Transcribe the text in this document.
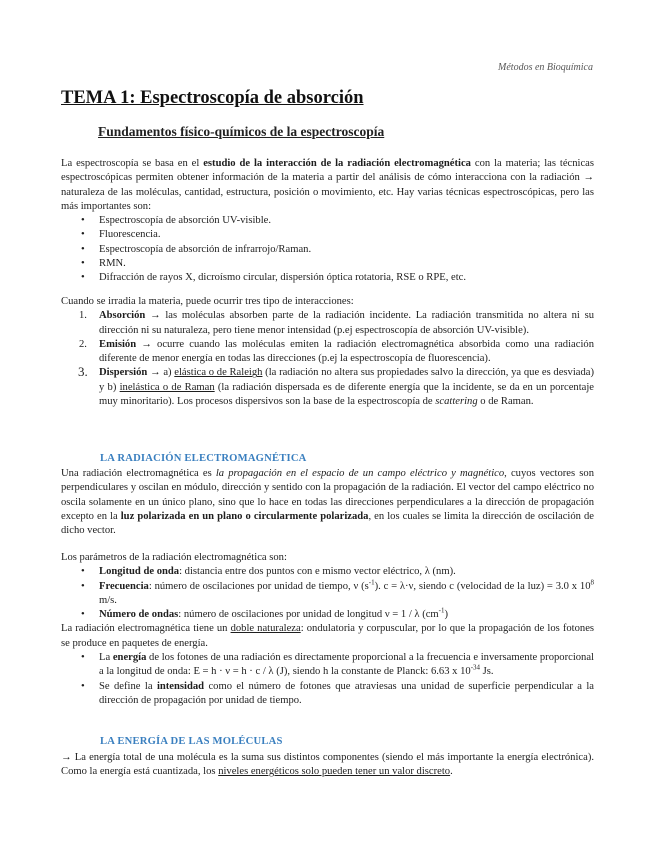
Métodos en Bioquímica
TEMA 1: Espectroscopía de absorción
Fundamentos físico-químicos de la espectroscopía

La espectroscopía se basa en el estudio de la interacción de la radiación electromagnética con la materia; las técnicas espectroscópicas permiten obtener información de la materia a partir del análisis de cómo interacciona con la radiación → naturaleza de las moléculas, cantidad, estructura, posición o movimiento, etc. Hay varias técnicas espectroscópicas, pero las más importantes son:

• Espectroscopía de absorción UV-visible.
• Fluorescencia.
• Espectroscopía de absorción de infrarrojo/Raman.
• RMN.
• Difracción de rayos X, dicroísmo circular, dispersión óptica rotatoria, RSE o RPE, etc.

Cuando se irradia la materia, puede ocurrir tres tipo de interacciones:

1. Absorción → las moléculas absorben parte de la radiación incidente. La radiación transmitida no altera ni su dirección ni su naturaleza, pero tiene menor intensidad (p.ej espectroscopía de absorción UV-visible).
2. Emisión → ocurre cuando las moléculas emiten la radiación electromagnética absorbida como una radiación diferente de menor energía en todas las direcciones (p.ej la espectroscopía de fluorescencia).
3. Dispersión → a) elástica o de Raleigh (la radiación no altera sus propiedades salvo la dirección, ya que es desviada) y b) inelástica o de Raman (la radiación dispersada es de diferente energía que la incidente, se da en un porcentaje muy minoritario). Los procesos dispersivos son la base de la espectroscopía de scattering o de Raman.
LA RADIACIÓN ELECTROMAGNÉTICA

Una radiación electromagnética es la propagación en el espacio de un campo eléctrico y magnético, cuyos vectores son perpendiculares y oscilan en módulo, dirección y sentido con la propagación de la radiación. El vector del campo eléctrico no oscila solamente en un único plano, sino que lo hace en todas las direcciones perpendiculares a la dirección de propagación excepto en la luz polarizada en un plano o circularmente polarizada, en los cuales se limita la dirección de oscilación de dicho vector.

Los parámetros de la radiación electromagnética son:

• Longitud de onda: distancia entre dos puntos con e mismo vector eléctrico, λ (nm).
• Frecuencia: número de oscilaciones por unidad de tiempo, ν $(s^{-1})$. c = λ·ν, siendo c (velocidad de la luz) = 3.0 x $10^8$ m/s.
• Número de ondas: número de oscilaciones por unidad de longitud ν = 1 / λ $(cm^{-1})$

La radiación electromagnética tiene un doble naturaleza: ondulatoria y corpuscular, por lo que la propagación de los fotones se produce en paquetes de energía.

• La energía de los fotones de una radiación es directamente proporcional a la frecuencia e inversamente proporcional a la longitud de onda: E = h · ν = h · c / λ (J), siendo h la constante de Planck: 6.63 x $10^{-34}$ Js.
• Se define la intensidad como el número de fotones que atraviesas una unidad de superficie perpendicular a la dirección de propagación por unidad de tiempo.
LA ENERGÍA DE LAS MOLÉCULAS

→ La energía total de una molécula es la suma sus distintos componentes (siendo el más importante la energía electrónica). Como la energía está cuantizada, los niveles energéticos solo pueden tener un valor discreto.
